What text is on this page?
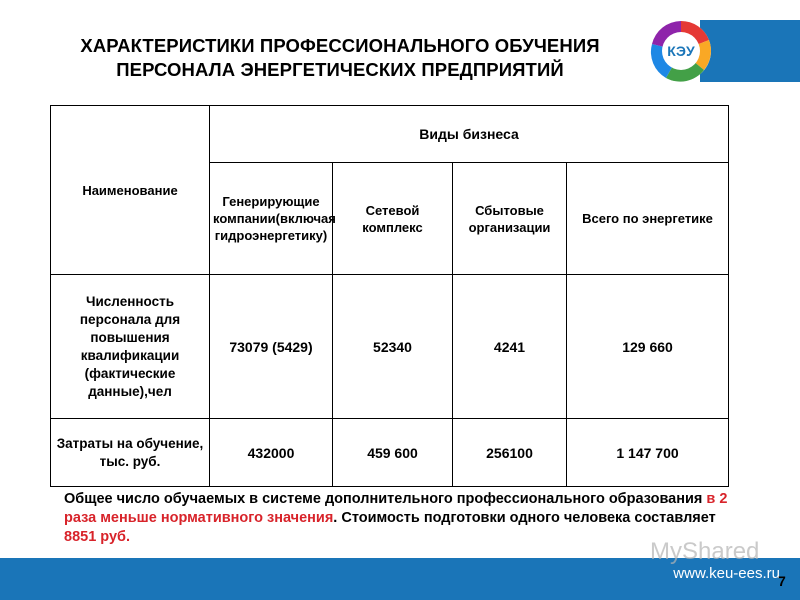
ХАРАКТЕРИСТИКИ ПРОФЕССИОНАЛЬНОГО ОБУЧЕНИЯ
ПЕРСОНАЛА ЭНЕРГЕТИЧЕСКИХ ПРЕДПРИЯТИЙ
КЭУ
Наименование	Виды бизнеса			
	Генерирующие компании(включая гидроэнергетику)	Сетевой комплекс	Сбытовые организации	Всего по энергетике
Численность персонала для повышения квалификации (фактические данные),чел	73079 (5429)	52340	4241	129 660
Затраты на обучение, тыс. руб.	432000	459 600	256100	1 147 700
Общее число обучаемых в системе дополнительного профессионального образования в 2 раза меньше нормативного значения. Стоимость подготовки одного человека составляет 8851 руб.
MyShared
www.keu-ees.ru
7
